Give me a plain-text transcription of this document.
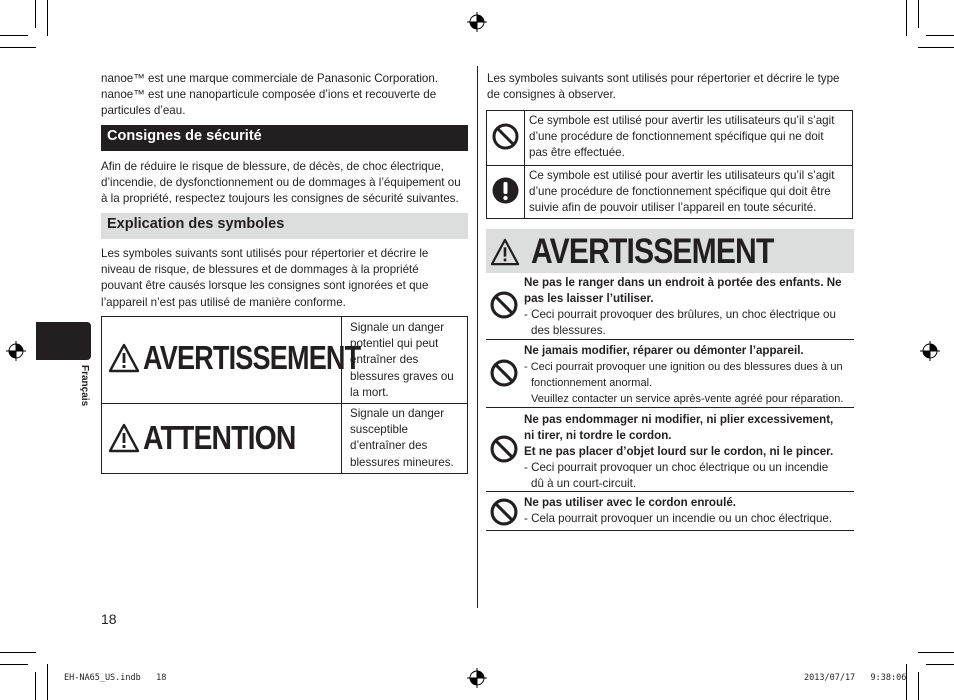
Français
nanoe™ est une marque commerciale de Panasonic Corporation.
nanoe™ est une nanoparticule composée d’ions et recouverte de
particules d’eau.
Consignes de sécurité
Afin de réduire le risque de blessure, de décès, de choc électrique,
d’incendie, de dysfonctionnement ou de dommages à l’équipement ou
à la propriété, respectez toujours les consignes de sécurité suivantes.
Explication des symboles
Les symboles suivants sont utilisés pour répertorier et décrire le
niveau de risque, de blessures et de dommages à la propriété
pouvant être causés lorsque les consignes sont ignorées et que
l’appareil n’est pas utilisé de manière conforme.
AVERTISSEMENT
Signale un danger potentiel qui peut entraîner des blessures graves ou la mort.
ATTENTION
Signale un danger susceptible d’entraîner des blessures mineures.
18
Les symboles suivants sont utilisés pour répertorier et décrire le type
de consignes à observer.
Ce symbole est utilisé pour avertir les utilisateurs qu’il s’agit
d’une procédure de fonctionnement spécifique qui ne doit
pas être effectuée.
Ce symbole est utilisé pour avertir les utilisateurs qu’il s’agit
d’une procédure de fonctionnement spécifique qui doit être
suivie afin de pouvoir utiliser l’appareil en toute sécurité.
AVERTISSEMENT
Ne pas le ranger dans un endroit à portée des enfants. Ne
pas les laisser l’utiliser.
- Ceci pourrait provoquer des brûlures, un choc électrique ou
des blessures.
Ne jamais modifier, réparer ou démonter l’appareil.
- Ceci pourrait provoquer une ignition ou des blessures dues à un
fonctionnement anormal.
Veuillez contacter un service après-vente agréé pour réparation.
Ne pas endommager ni modifier, ni plier excessivement,
ni tirer, ni tordre le cordon.
Et ne pas placer d’objet lourd sur le cordon, ni le pincer.
- Ceci pourrait provoquer un choc électrique ou un incendie
dû à un court-circuit.
Ne pas utiliser avec le cordon enroulé.
- Cela pourrait provoquer un incendie ou un choc électrique.
EH-NA65_US.indb   18	2013/07/17   9:38:06
